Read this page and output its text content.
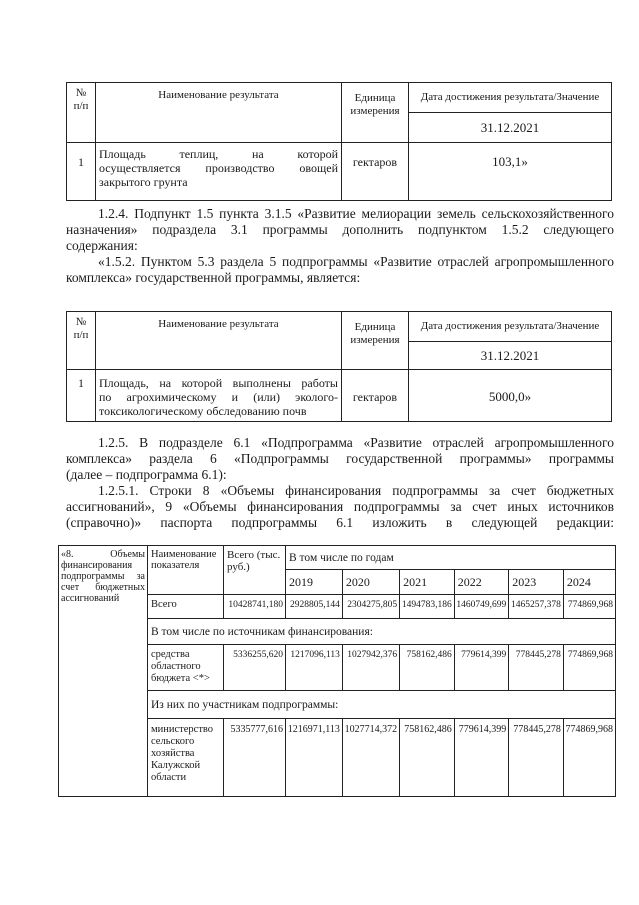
№
п/п	Наименование результата	Единица измерения	Дата достижения результата/Значение
			31.12.2021
1	Площадь теплиц, на которой
осуществляется производство овощей
закрытого грунта	гектаров	103,1»
1.2.4. Подпункт 1.5 пункта 3.1.5 «Развитие мелиорации земель сельскохозяйственного
назначения» подраздела 3.1 программы дополнить подпунктом 1.5.2 следующего
содержания:
«1.5.2. Пунктом 5.3 раздела 5 подпрограммы «Развитие отраслей агропромышленного
комплекса» государственной программы, является:
№
п/п	Наименование результата	Единица измерения	Дата достижения результата/Значение
			31.12.2021
1	Площадь, на которой выполнены работы
по агрохимическому и (или) эколого-
токсикологическому обследованию почв	гектаров	5000,0»
1.2.5. В подразделе 6.1 «Подпрограмма «Развитие отраслей агропромышленного
комплекса» раздела 6 «Подпрограммы государственной программы» программы
(далее – подпрограмма 6.1):
1.2.5.1. Строки 8 «Объемы финансирования подпрограммы за счет бюджетных
ассигнований», 9 «Объемы финансирования подпрограммы за счет иных источников
(справочно)» паспорта подпрограммы 6.1 изложить в следующей редакции:
«8. Объемы финансирования подпрограммы за счет бюджетных ассигнований	Наименование показателя	Всего (тыс. руб.)	В том числе по годам					
			2019	2020	2021	2022	2023	2024
	Всего	10428741,180	2928805,144	2304275,805	1494783,186	1460749,699	1465257,378	774869,968
	В том числе по источникам финансирования:							
	средства областного бюджета <*>	5336255,620	1217096,113	1027942,376	758162,486	779614,399	778445,278	774869,968
	Из них по участникам подпрограммы:							
	министерство сельского хозяйства Калужской области	5335777,616	1216971,113	1027714,372	758162,486	779614,399	778445,278	774869,968
